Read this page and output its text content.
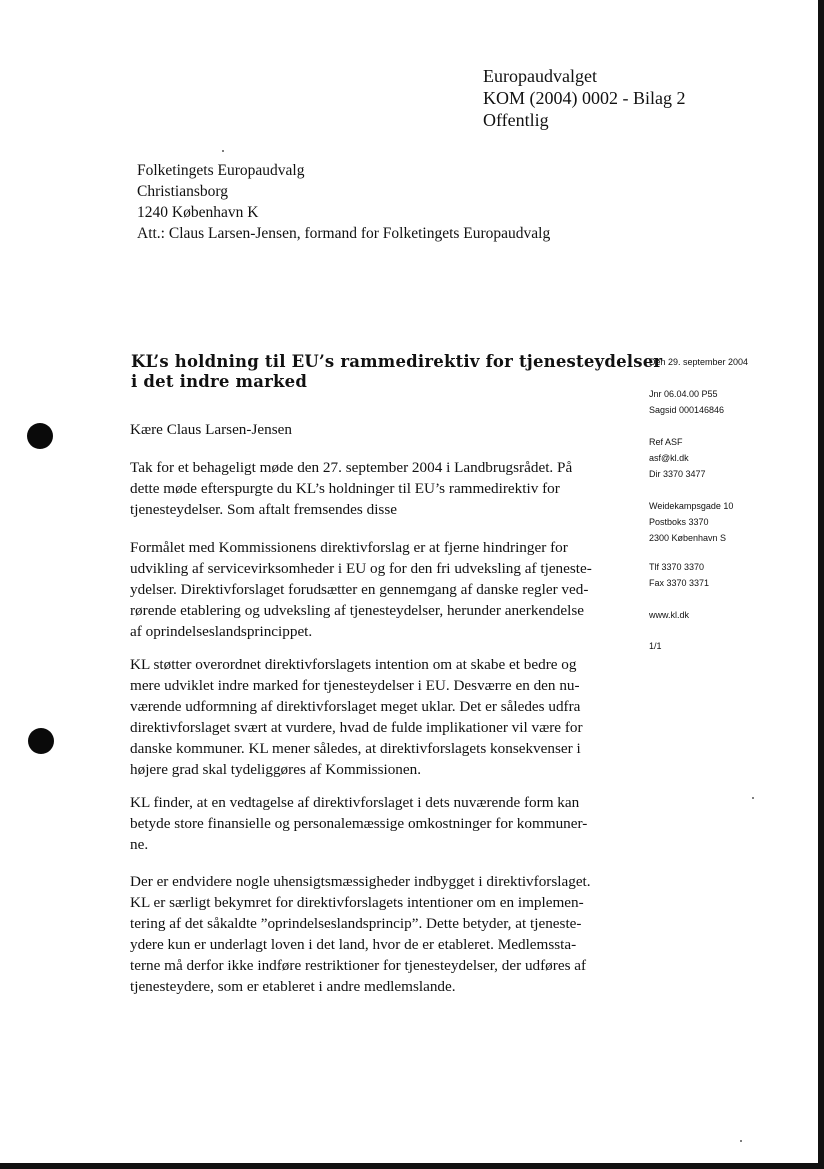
Europaudvalget
KOM (2004) 0002 - Bilag 2
Offentlig
Folketingets Europaudvalg
Christiansborg
1240 København K
Att.: Claus Larsen-Jensen, formand for Folketingets Europaudvalg
KL’s holdning til EU’s rammedirektiv for tjenesteydelser
i det indre marked
Den 29. september 2004
Jnr 06.04.00 P55
Sagsid 000146846
Ref ASF
asf@kl.dk
Dir 3370 3477
Weidekampsgade 10
Postboks 3370
2300 København S
Tlf 3370 3370
Fax 3370 3371
www.kl.dk
1/1
Kære Claus Larsen-Jensen
Tak for et behageligt møde den 27. september 2004 i Landbrugsrådet. På
dette møde efterspurgte du KL’s holdninger til EU’s rammedirektiv for
tjenesteydelser. Som aftalt fremsendes disse
Formålet med Kommissionens direktivforslag er at fjerne hindringer for
udvikling af servicevirksomheder i EU og for den fri udveksling af tjeneste-
ydelser. Direktivforslaget forudsætter en gennemgang af danske regler ved-
rørende etablering og udveksling af tjenesteydelser, herunder anerkendelse
af oprindelseslandsprincippet.
KL støtter overordnet direktivforslagets intention om at skabe et bedre og
mere udviklet indre marked for tjenesteydelser i EU. Desværre en den nu-
værende udformning af direktivforslaget meget uklar. Det er således udfra
direktivforslaget svært at vurdere, hvad de fulde implikationer vil være for
danske kommuner. KL mener således, at direktivforslagets konsekvenser i
højere grad skal tydeliggøres af Kommissionen.
KL finder, at en vedtagelse af direktivforslaget i dets nuværende form kan
betyde store finansielle og personalemæssige omkostninger for kommuner-
ne.
Der er endvidere nogle uhensigtsmæssigheder indbygget i direktivforslaget.
KL er særligt bekymret for direktivforslagets intentioner om en implemen-
tering af det såkaldte ”oprindelseslandsprincip”. Dette betyder, at tjeneste-
ydere kun er underlagt loven i det land, hvor de er etableret. Medlemssta-
terne må derfor ikke indføre restriktioner for tjenesteydelser, der udføres af
tjenesteydere, som er etableret i andre medlemslande.
